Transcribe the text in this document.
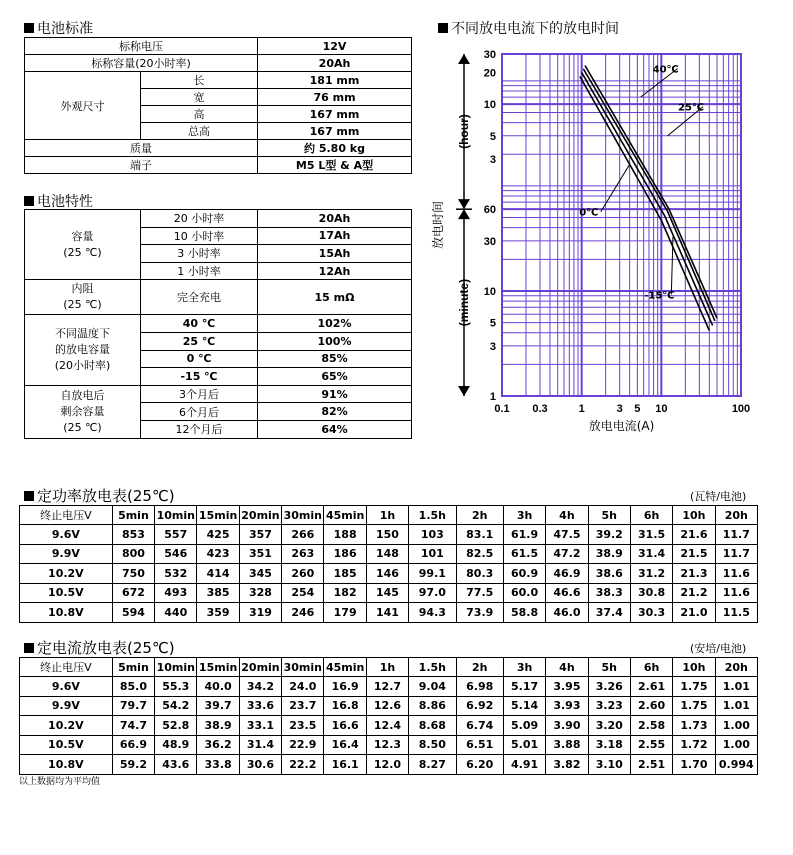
电池标准
标称电压		12V
标称容量(20小时率)		20Ah
外观尺寸	长	181 mm
	宽	76 mm
	高	167 mm
	总高	167 mm
质量		约 5.80 kg
端子		M5 L型 & A型
电池特性
容量
(25 ℃)	20 小时率	20Ah
	10 小时率	17Ah
	3 小时率	15Ah
	1 小时率	12Ah

内阻
(25 ℃)	完全充电	15 mΩ

不同温度下
的放电容量
(20小时率)	40 ℃	102%
	25 ℃	100%
	0 ℃	85%
	-15 ℃	65%

自放电后
剩余容量
(25 ℃)	3个月后	91%
	6个月后	82%
	12个月后	64%
不同放电电流下的放电时间
0.1 0.3	1	3 5 10	100
30
20
10
5
3
60
30
10
5
3
1
(hour)
(minute)
放电时间
放电电流(A)
40℃
25℃
0℃
-15℃
定功率放电表(25℃)	(瓦特/电池)
终止电压V	5min	10min	15min	20min	30min	45min	1h	1.5h	2h	3h	4h	5h	6h	10h	20h
9.6V	853	557	425	357	266	188	150	103	83.1	61.9	47.5	39.2	31.5	21.6	11.7
9.9V	800	546	423	351	263	186	148	101	82.5	61.5	47.2	38.9	31.4	21.5	11.7
10.2V	750	532	414	345	260	185	146	99.1	80.3	60.9	46.9	38.6	31.2	21.3	11.6
10.5V	672	493	385	328	254	182	145	97.0	77.5	60.0	46.6	38.3	30.8	21.2	11.6
10.8V	594	440	359	319	246	179	141	94.3	73.9	58.8	46.0	37.4	30.3	21.0	11.5
定电流放电表(25℃)	(安培/电池)
终止电压V	5min	10min	15min	20min	30min	45min	1h	1.5h	2h	3h	4h	5h	6h	10h	20h
9.6V	85.0	55.3	40.0	34.2	24.0	16.9	12.7	9.04	6.98	5.17	3.95	3.26	2.61	1.75	1.01
9.9V	79.7	54.2	39.7	33.6	23.7	16.8	12.6	8.86	6.92	5.14	3.93	3.23	2.60	1.75	1.01
10.2V	74.7	52.8	38.9	33.1	23.5	16.6	12.4	8.68	6.74	5.09	3.90	3.20	2.58	1.73	1.00
10.5V	66.9	48.9	36.2	31.4	22.9	16.4	12.3	8.50	6.51	5.01	3.88	3.18	2.55	1.72	1.00
10.8V	59.2	43.6	33.8	30.6	22.2	16.1	12.0	8.27	6.20	4.91	3.82	3.10	2.51	1.70	0.994
以上数据均为平均值
